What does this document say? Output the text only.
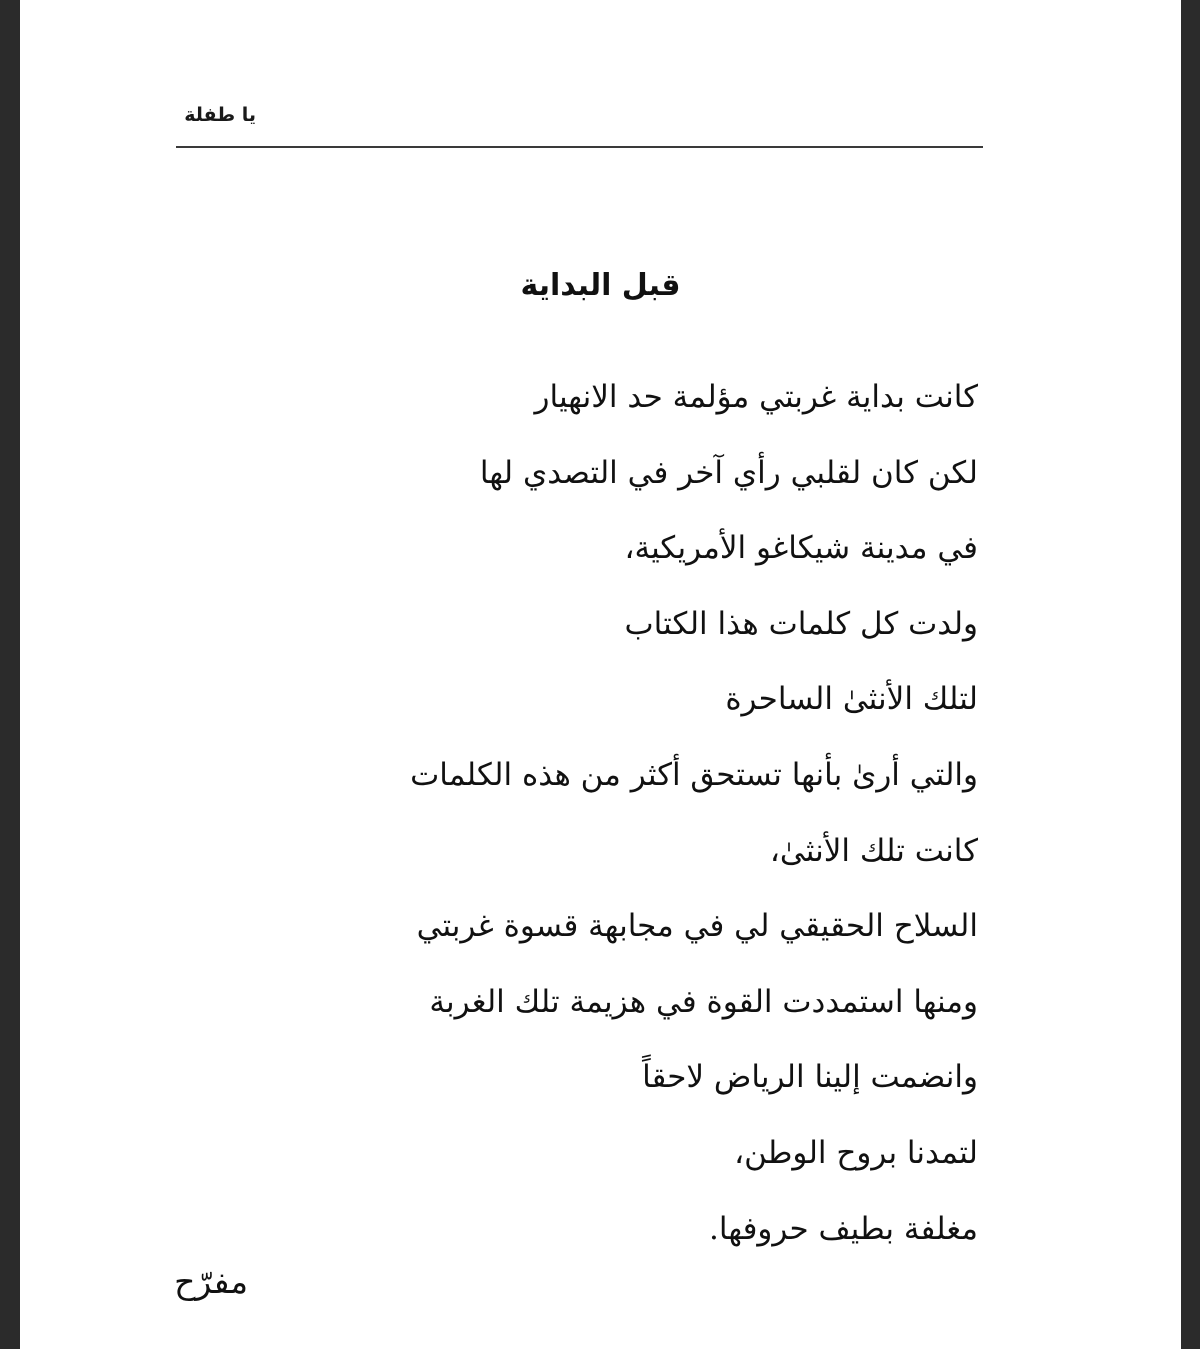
يا طفلة
قبل البداية
كانت بداية غربتي مؤلمة حد الانهيار
لكن كان لقلبي رأي آخر في التصدي لها
في مدينة شيكاغو الأمريكية،
ولدت كل كلمات هذا الكتاب
لتلك الأنثىٰ الساحرة
والتي أرىٰ بأنها تستحق أكثر من هذه الكلمات
كانت تلك الأنثىٰ،
السلاح الحقيقي لي في مجابهة قسوة غربتي
ومنها استمددت القوة في هزيمة تلك الغربة
وانضمت إلينا الرياض لاحقاً
لتمدنا بروح الوطن،
مغلفة بطيف حروفها.
مفرّح
